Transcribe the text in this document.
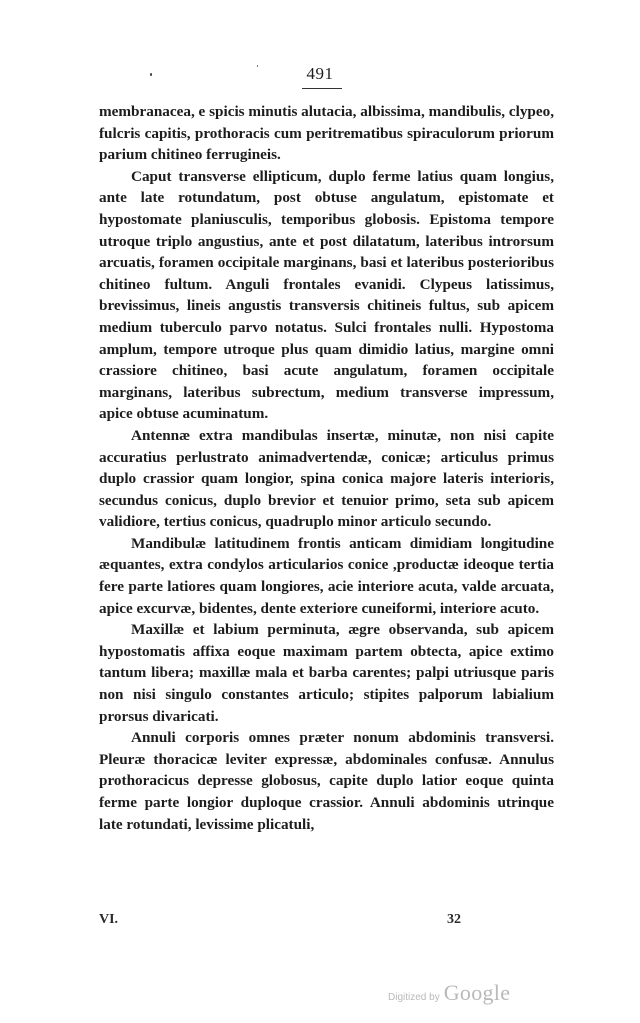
491

membranacea, e spicis minutis alutacia, albissima, mandibulis, clypeo, fulcris capitis, prothoracis cum peritrematibus spiraculorum priorum parium chitineo ferrugineis.

Caput transverse ellipticum, duplo ferme latius quam longius, ante late rotundatum, post obtuse angulatum, epistomate et hypostomate planiusculis, temporibus globosis. Epistoma tempore utroque triplo angustius, ante et post dilatatum, lateribus introrsum arcuatis, foramen occipitale marginans, basi et lateribus posterioribus chitineo fultum. Anguli frontales evanidi. Clypeus latissimus, brevissimus, lineis angustis transversis chitineis fultus, sub apicem medium tuberculo parvo notatus. Sulci frontales nulli. Hypostoma amplum, tempore utroque plus quam dimidio latius, margine omni crassiore chitineo, basi acute angulatum, foramen occipitale marginans, lateribus subrectum, medium transverse impressum, apice obtuse acuminatum.

Antennæ extra mandibulas insertæ, minutæ, non nisi capite accuratius perlustrato animadvertendæ, conicæ; articulus primus duplo crassior quam longior, spina conica majore lateris interioris, secundus conicus, duplo brevior et tenuior primo, seta sub apicem validiore, tertius conicus, quadruplo minor articulo secundo.

Mandibulæ latitudinem frontis anticam dimidiam longitudine æquantes, extra condylos articularios conice ,productæ ideoque tertia fere parte latiores quam longiores, acie interiore acuta, valde arcuata, apice excurvæ, bidentes, dente exteriore cuneiformi, interiore acuto.

Maxillæ et labium perminuta, ægre observanda, sub apicem hypostomatis affixa eoque maximam partem obtecta, apice extimo tantum libera; maxillæ mala et barba carentes; palpi utriusque paris non nisi singulo constantes articulo; stipites palporum labialium prorsus divaricati.

Annuli corporis omnes præter nonum abdominis transversi. Pleuræ thoracicæ leviter expressæ, abdominales confusæ. Annulus prothoracicus depresse globosus, capite duplo latior eoque quinta ferme parte longior duploque crassior. Annuli abdominis utrinque late rotundati, levissime plicatuli,

VI.	32
Digitized by Google
